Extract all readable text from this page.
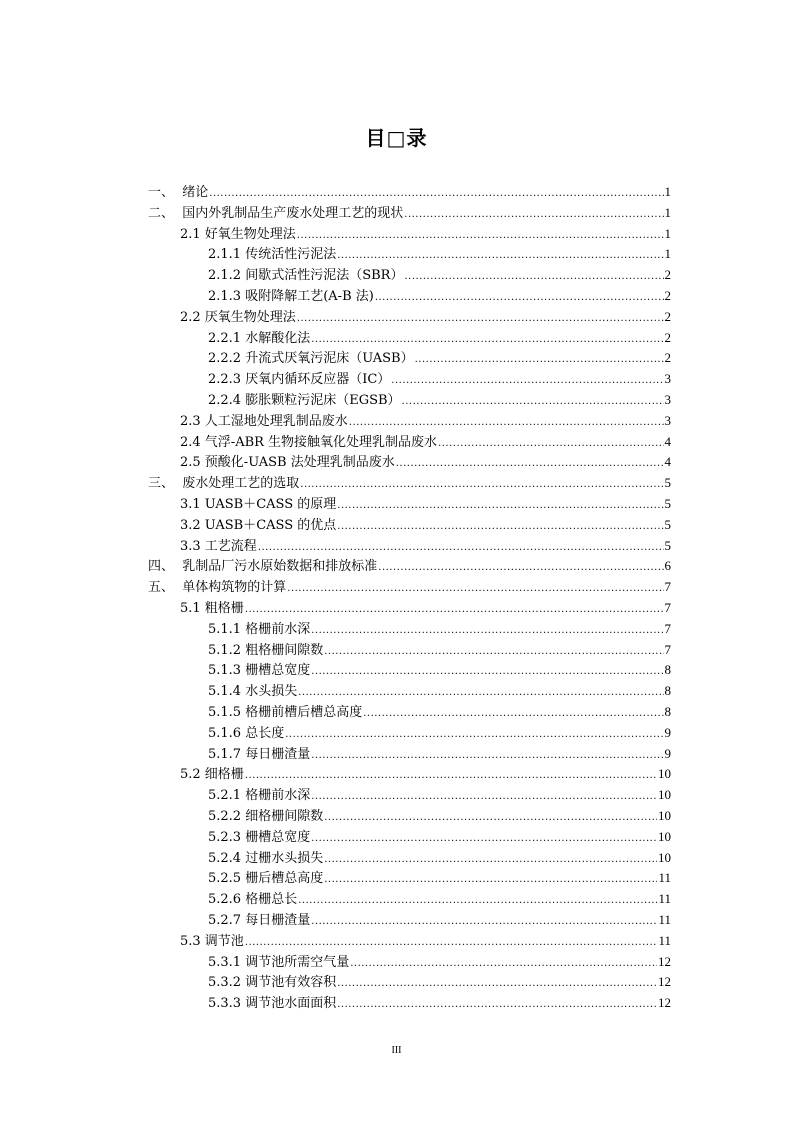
目□录
一、  绪论 .....	1
二、  国内外乳制品生产废水处理工艺的现状 .....	1
2.1 好氧生物处理法 .....	1
2.1.1 传统活性污泥法 .....	1
2.1.2 间歇式活性污泥法（SBR） .....	2
2.1.3 吸附降解工艺(A-B 法) .....	2
2.2 厌氧生物处理法 .....	2
2.2.1 水解酸化法 .....	2
2.2.2 升流式厌氧污泥床（UASB） .....	2
2.2.3 厌氧内循环反应器（IC） .....	3
2.2.4 膨胀颗粒污泥床（EGSB） .....	3
2.3 人工湿地处理乳制品废水 .....	3
2.4 气浮-ABR 生物接触氧化处理乳制品废水 .....	4
2.5 预酸化-UASB 法处理乳制品废水 .....	4
三、  废水处理工艺的选取 .....	5
3.1 UASB＋CASS 的原理 .....	5
3.2 UASB＋CASS 的优点 .....	5
3.3 工艺流程 .....	5
四、  乳制品厂污水原始数据和排放标准 .....	6
五、  单体构筑物的计算 .....	7
5.1 粗格栅 .....	7
5.1.1 格栅前水深 .....	7
5.1.2 粗格栅间隙数 .....	7
5.1.3 栅槽总宽度 .....	8
5.1.4 水头损失 .....	8
5.1.5 格栅前槽后槽总高度 .....	8
5.1.6 总长度 .....	9
5.1.7 每日栅渣量 .....	9
5.2 细格栅 .....	10
5.2.1 格栅前水深 .....	10
5.2.2 细格栅间隙数 .....	10
5.2.3 栅槽总宽度 .....	10
5.2.4 过栅水头损失 .....	10
5.2.5 栅后槽总高度 .....	11
5.2.6 格栅总长 .....	11
5.2.7 每日栅渣量 .....	11
5.3 调节池 .....	11
5.3.1 调节池所需空气量 .....	12
5.3.2 调节池有效容积 .....	12
5.3.3 调节池水面面积 .....	12
III
